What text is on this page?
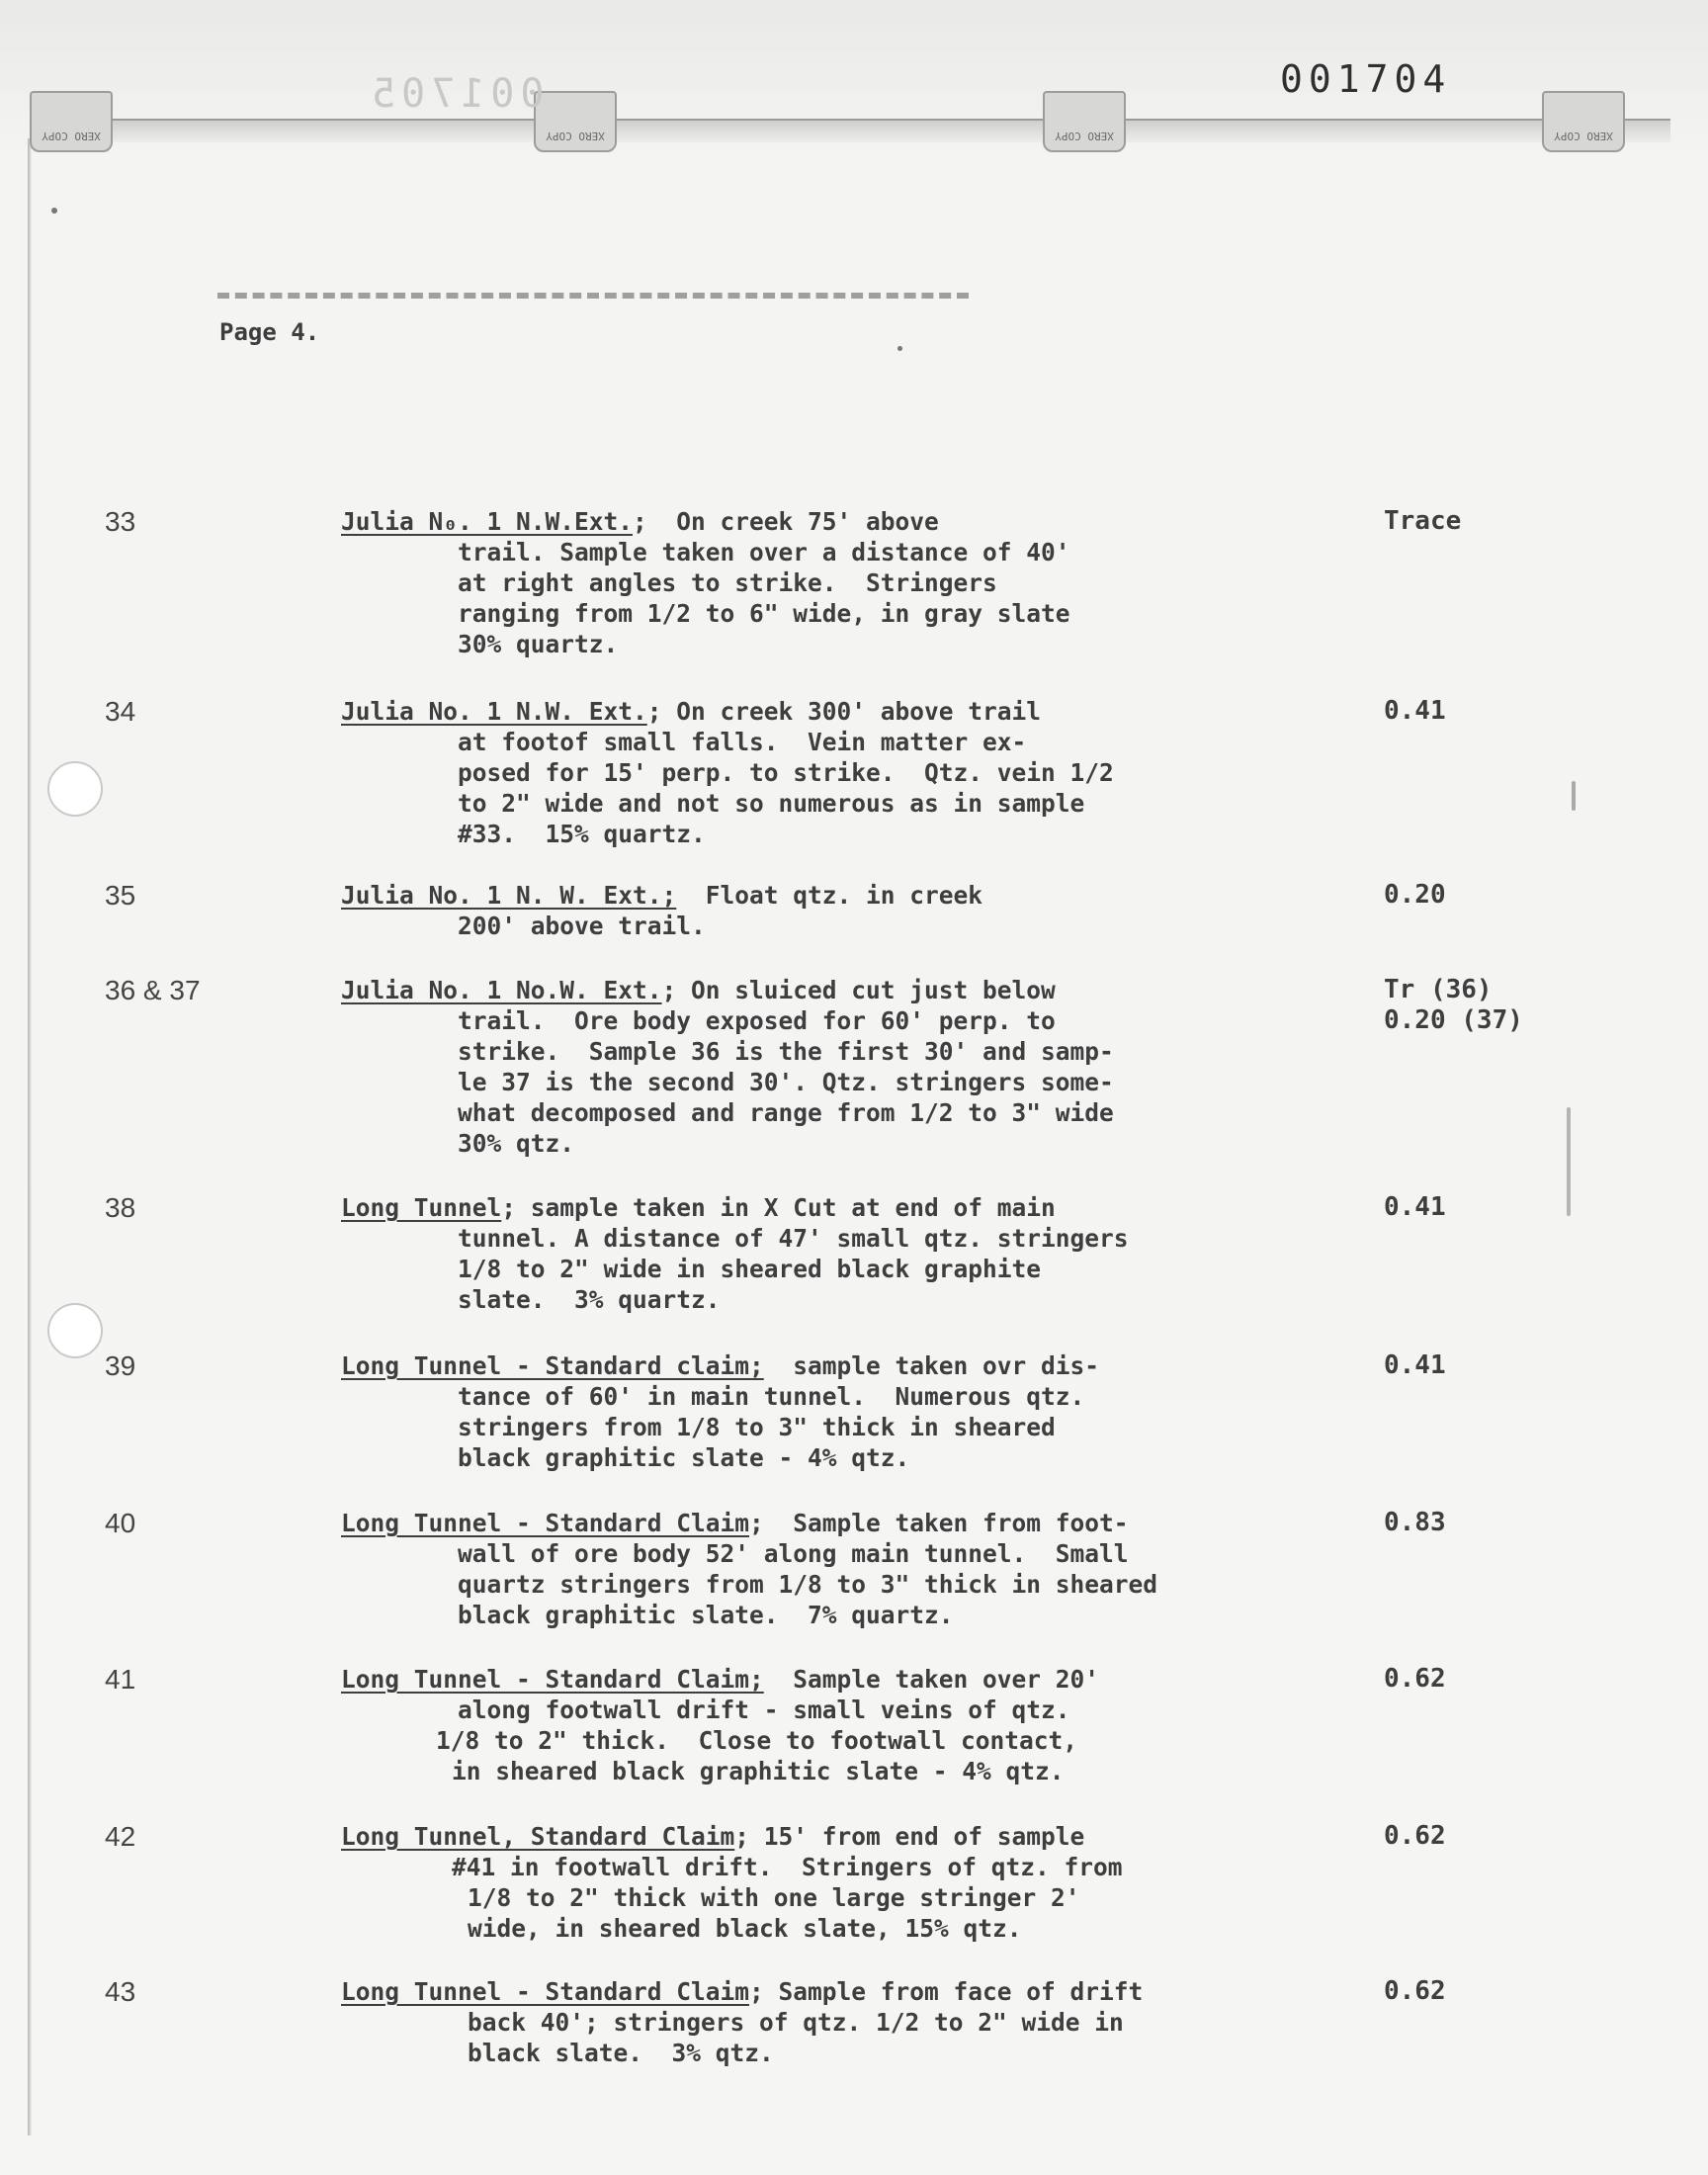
XERO COPY	XERO COPY	XERO COPY	XERO COPY
001705	001704
Page 4.
33	Julia N₀. 1 N.W.Ext.;  On creek 75' above
trail. Sample taken over a distance of 40'
at right angles to strike.  Stringers
ranging from 1/2 to 6" wide, in gray slate
30% quartz.
Trace
34	Julia No. 1 N.W. Ext.; On creek 300' above trail
at footof small falls.  Vein matter ex-
posed for 15' perp. to strike.  Qtz. vein 1/2
to 2" wide and not so numerous as in sample
#33.  15% quartz.
0.41
35	Julia No. 1 N. W. Ext.;  Float qtz. in creek
200' above trail.
0.20
36 & 37	Julia No. 1 No.W. Ext.; On sluiced cut just below
trail.  Ore body exposed for 60' perp. to
strike.  Sample 36 is the first 30' and samp-
le 37 is the second 30'. Qtz. stringers some-
what decomposed and range from 1/2 to 3" wide
30% qtz.
Tr (36)
0.20 (37)
38	Long Tunnel; sample taken in X Cut at end of main
tunnel. A distance of 47' small qtz. stringers
1/8 to 2" wide in sheared black graphite
slate.  3% quartz.
0.41
39	Long Tunnel - Standard claim;  sample taken ovr dis-
tance of 60' in main tunnel.  Numerous qtz.
stringers from 1/8 to 3" thick in sheared
black graphitic slate - 4% qtz.
0.41
40	Long Tunnel - Standard Claim;  Sample taken from foot-
wall of ore body 52' along main tunnel.  Small
quartz stringers from 1/8 to 3" thick in sheared
black graphitic slate.  7% quartz.
0.83
41	Long Tunnel - Standard Claim;  Sample taken over 20'
along footwall drift - small veins of qtz.
1/8 to 2" thick.  Close to footwall contact,
in sheared black graphitic slate - 4% qtz.
0.62
42	Long Tunnel, Standard Claim; 15' from end of sample
#41 in footwall drift.  Stringers of qtz. from
1/8 to 2" thick with one large stringer 2'
wide, in sheared black slate, 15% qtz.
0.62
43	Long Tunnel - Standard Claim; Sample from face of drift
back 40'; stringers of qtz. 1/2 to 2" wide in
black slate.  3% qtz.
0.62
